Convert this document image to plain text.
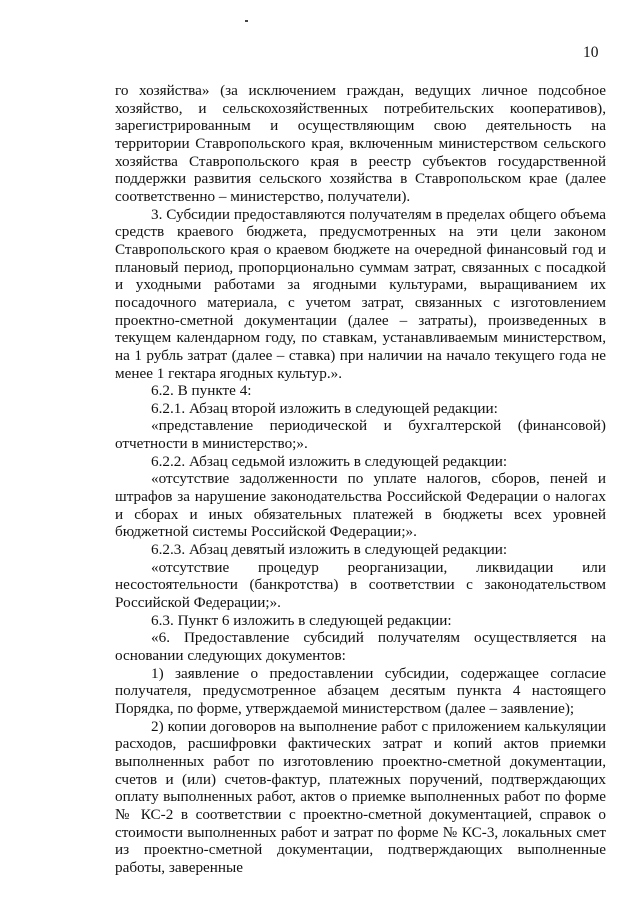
10

го хозяйства» (за исключением граждан, ведущих личное подсобное хозяйство, и сельскохозяйственных потребительских кооперативов), зарегистрированным и осуществляющим свою деятельность на территории Ставропольского края, включенным министерством сельского хозяйства Ставропольского края в реестр субъектов государственной поддержки развития сельского хозяйства в Ставропольском крае (далее соответственно – министерство, получатели).

3. Субсидии предоставляются получателям в пределах общего объема средств краевого бюджета, предусмотренных на эти цели законом Ставропольского края о краевом бюджете на очередной финансовый год и плановый период, пропорционально суммам затрат, связанных с посадкой и уходными работами за ягодными культурами, выращиванием их посадочного материала, с учетом затрат, связанных с изготовлением проектно-сметной документации (далее – затраты), произведенных в текущем календарном году, по ставкам, устанавливаемым министерством, на 1 рубль затрат (далее – ставка) при наличии на начало текущего года не менее 1 гектара ягодных культур.».

6.2. В пункте 4:

6.2.1. Абзац второй изложить в следующей редакции:

«представление периодической и бухгалтерской (финансовой) отчетности в министерство;».

6.2.2. Абзац седьмой изложить в следующей редакции:

«отсутствие задолженности по уплате налогов, сборов, пеней и штрафов за нарушение законодательства Российской Федерации о налогах и сборах и иных обязательных платежей в бюджеты всех уровней бюджетной системы Российской Федерации;».

6.2.3. Абзац девятый изложить в следующей редакции:

«отсутствие процедур реорганизации, ликвидации или несостоятельности (банкротства) в соответствии с законодательством Российской Федерации;».

6.3. Пункт 6 изложить в следующей редакции:

«6. Предоставление субсидий получателям осуществляется на основании следующих документов:

1) заявление о предоставлении субсидии, содержащее согласие получателя, предусмотренное абзацем десятым пункта 4 настоящего Порядка, по форме, утверждаемой министерством (далее – заявление);

2) копии договоров на выполнение работ с приложением калькуляции расходов, расшифровки фактических затрат и копий актов приемки выполненных работ по изготовлению проектно-сметной документации, счетов и (или) счетов-фактур, платежных поручений, подтверждающих оплату выполненных работ, актов о приемке выполненных работ по форме № КС-2 в соответствии с проектно-сметной документацией, справок о стоимости выполненных работ и затрат по форме № КС-3, локальных смет из проектно-сметной документации, подтверждающих выполненные работы, заверенные
